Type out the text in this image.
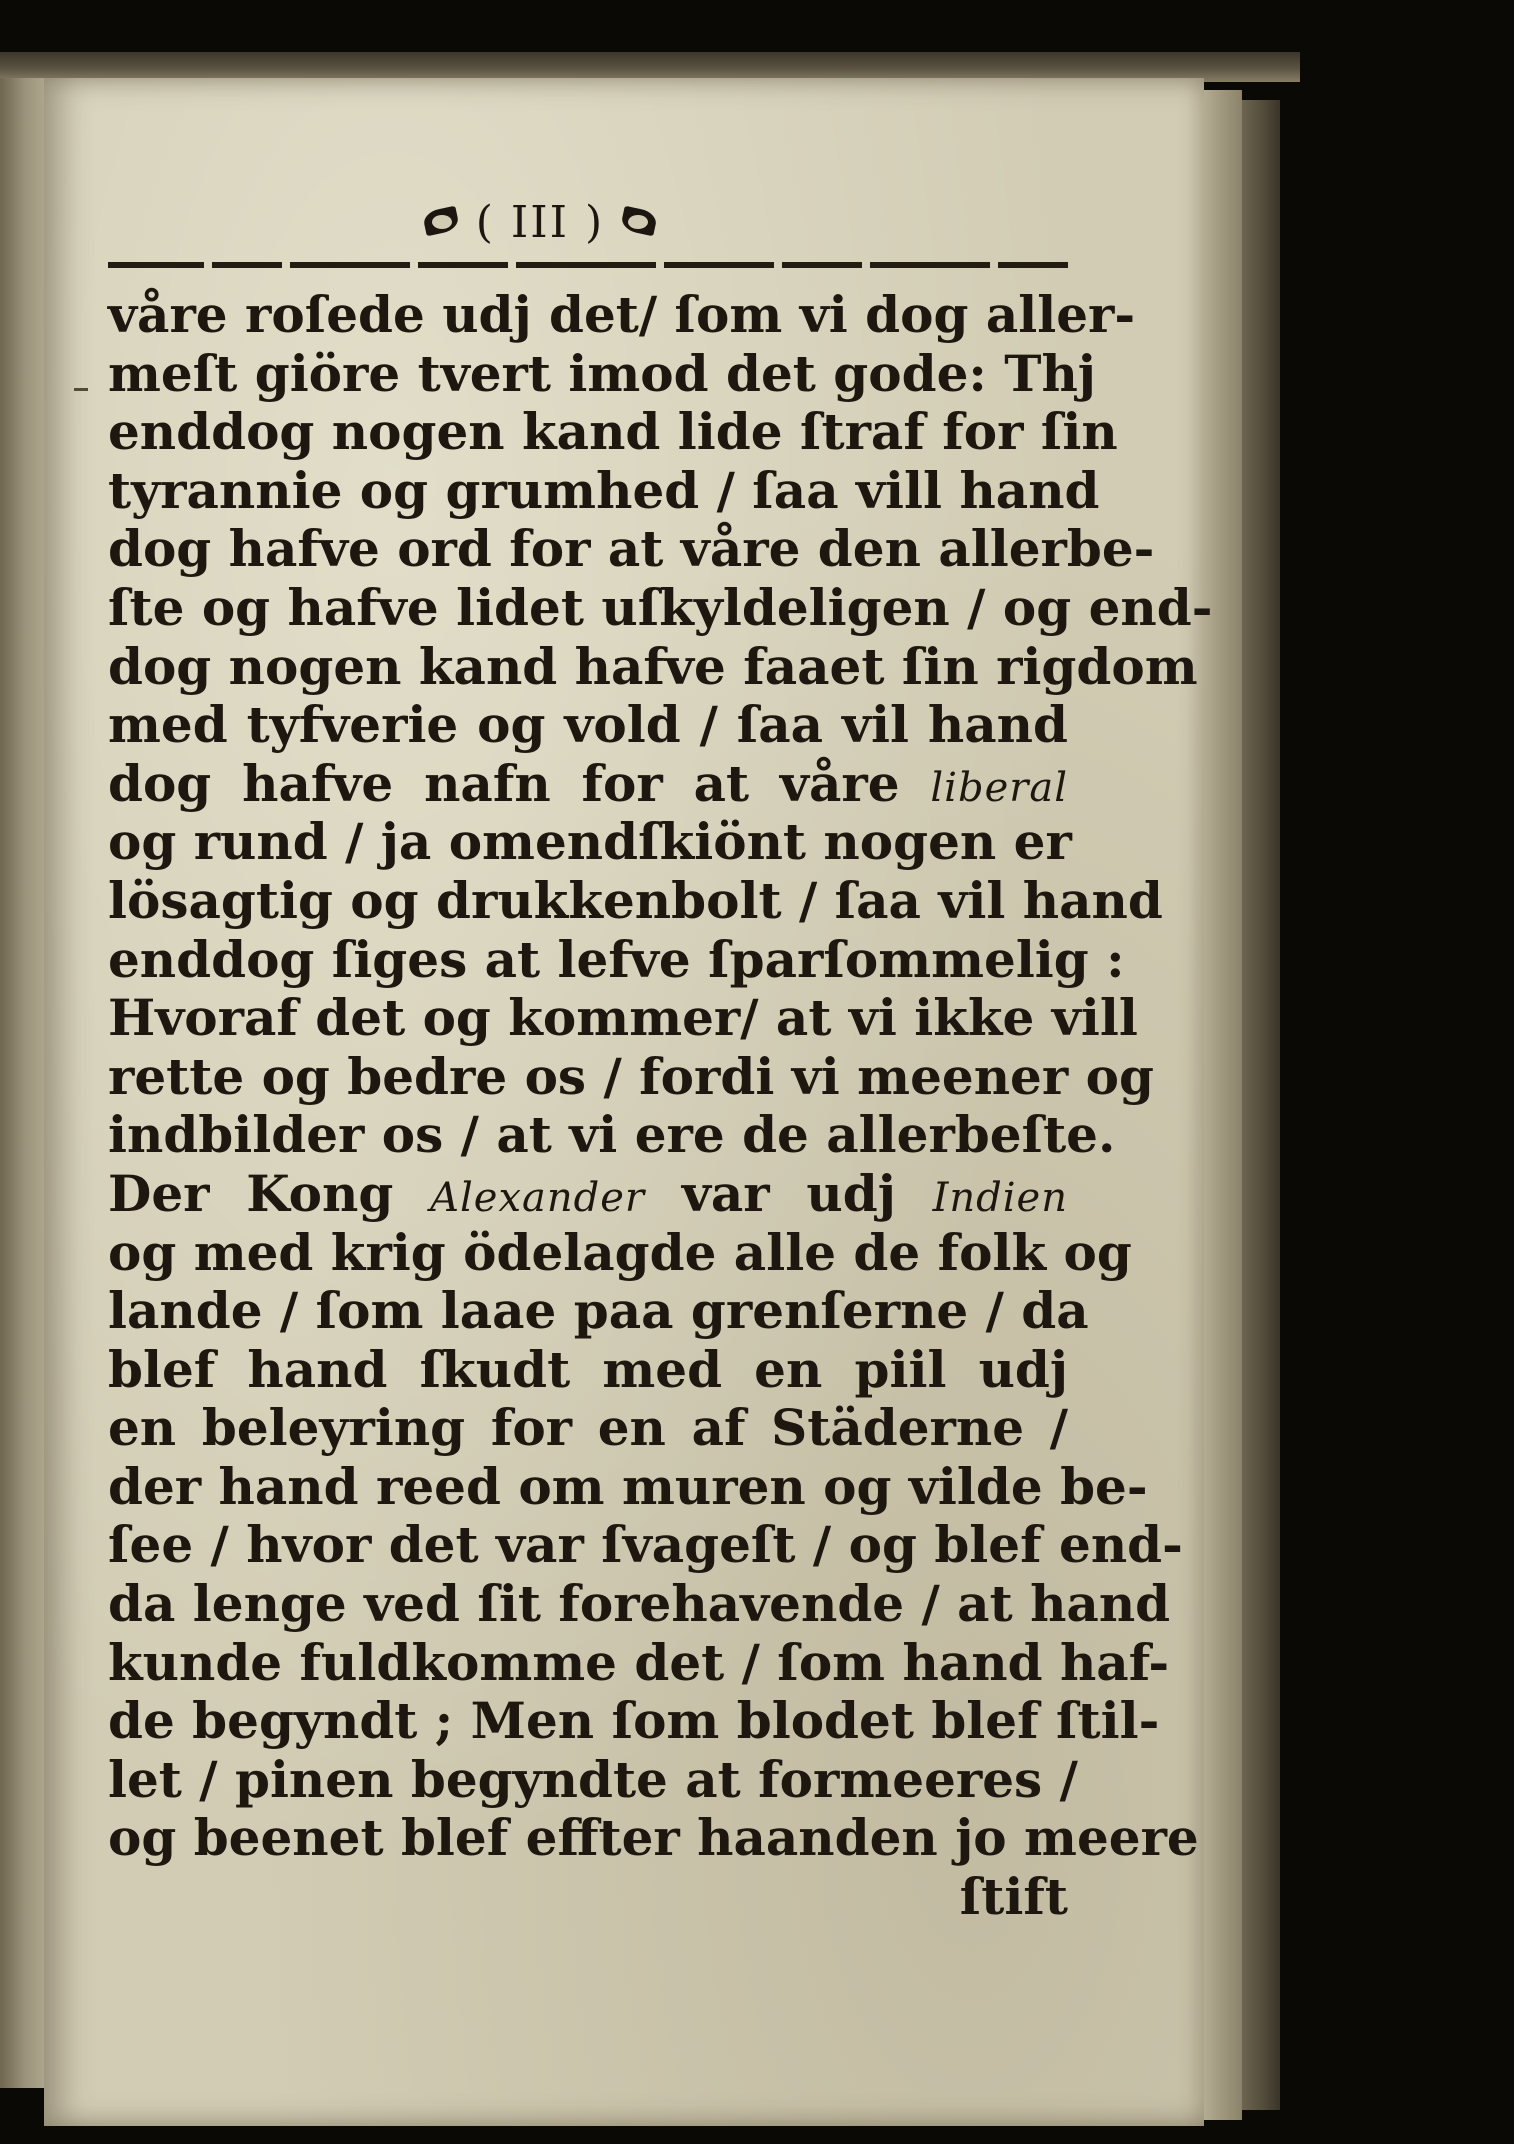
( III )
våre roſede udj det/ ſom vi dog aller-
meſt giöre tvert imod det gode: Thj
enddog nogen kand lide ſtraf for ſin
tyrannie og grumhed / ſaa vill hand
dog hafve ord for at våre den allerbe-
ſte og hafve lidet uſkyldeligen / og end-
dog nogen kand hafve faaet ſin rigdom
med tyfverie og vold / ſaa vil hand
dog hafve nafn for at våre liberal
og rund / ja omendſkiönt nogen er
lösagtig og drukkenbolt / ſaa vil hand
enddog ſiges at lefve ſparſommelig :
Hvoraf det og kommer/ at vi ikke vill
rette og bedre os / fordi vi meener og
indbilder os / at vi ere de allerbeſte.
Der Kong Alexander var udj Indien
og med krig ödelagde alle de folk og
lande / ſom laae paa grenſerne / da
blef hand ſkudt med en piil udj
en beleyring for en af Städerne /
der hand reed om muren og vilde be-
ſee / hvor det var ſvageſt / og blef end-
da lenge ved ſit forehavende / at hand
kunde fuldkomme det / ſom hand haf-
de begyndt ; Men ſom blodet blef ſtil-
let / pinen begyndte at formeeres /
og beenet blef effter haanden jo meere
ſtift
